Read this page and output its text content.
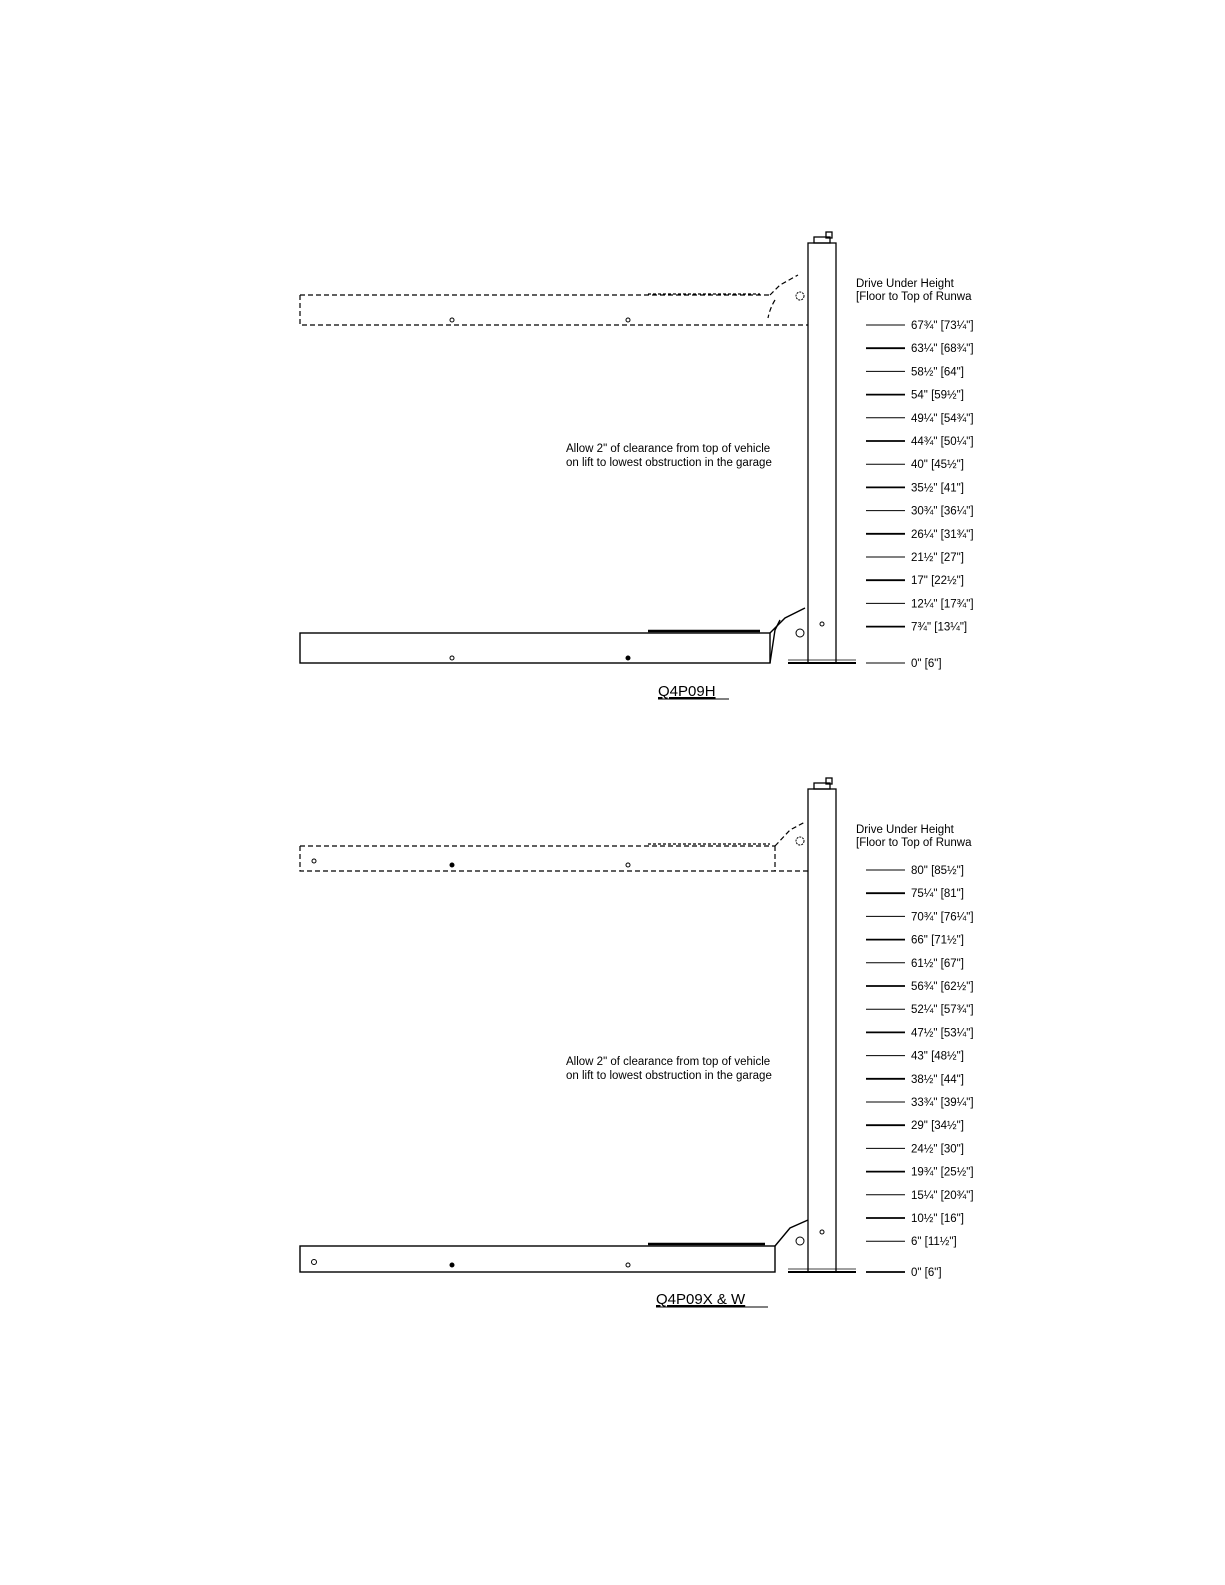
Drive Under Height
[Floor to Top of Runwa
Allow 2" of clearance from top of vehicle
on lift to lowest obstruction in the garage
67¾" [73¼"]
63¼" [68¾"]
58½" [64"]
54" [59½"]
49¼" [54¾"]
44¾" [50¼"]
40" [45½"]
35½" [41"]
30¾" [36¼"]
26¼" [31¾"]
21½" [27"]
17" [22½"]
12¼" [17¾"]
7¾" [13¼"]
0" [6"]
Q4P09H
Drive Under Height
[Floor to Top of Runwa
Allow 2" of clearance from top of vehicle
on lift to lowest obstruction in the garage
80" [85½"]
75¼" [81"]
70¾" [76¼"]
66" [71½"]
61½" [67"]
56¾" [62½"]
52¼" [57¾"]
47½" [53¼"]
43" [48½"]
38½" [44"]
33¾" [39¼"]
29" [34½"]
24½" [30"]
19¾" [25½"]
15¼" [20¾"]
10½" [16"]
6" [11½"]
0" [6"]
Q4P09X & W
